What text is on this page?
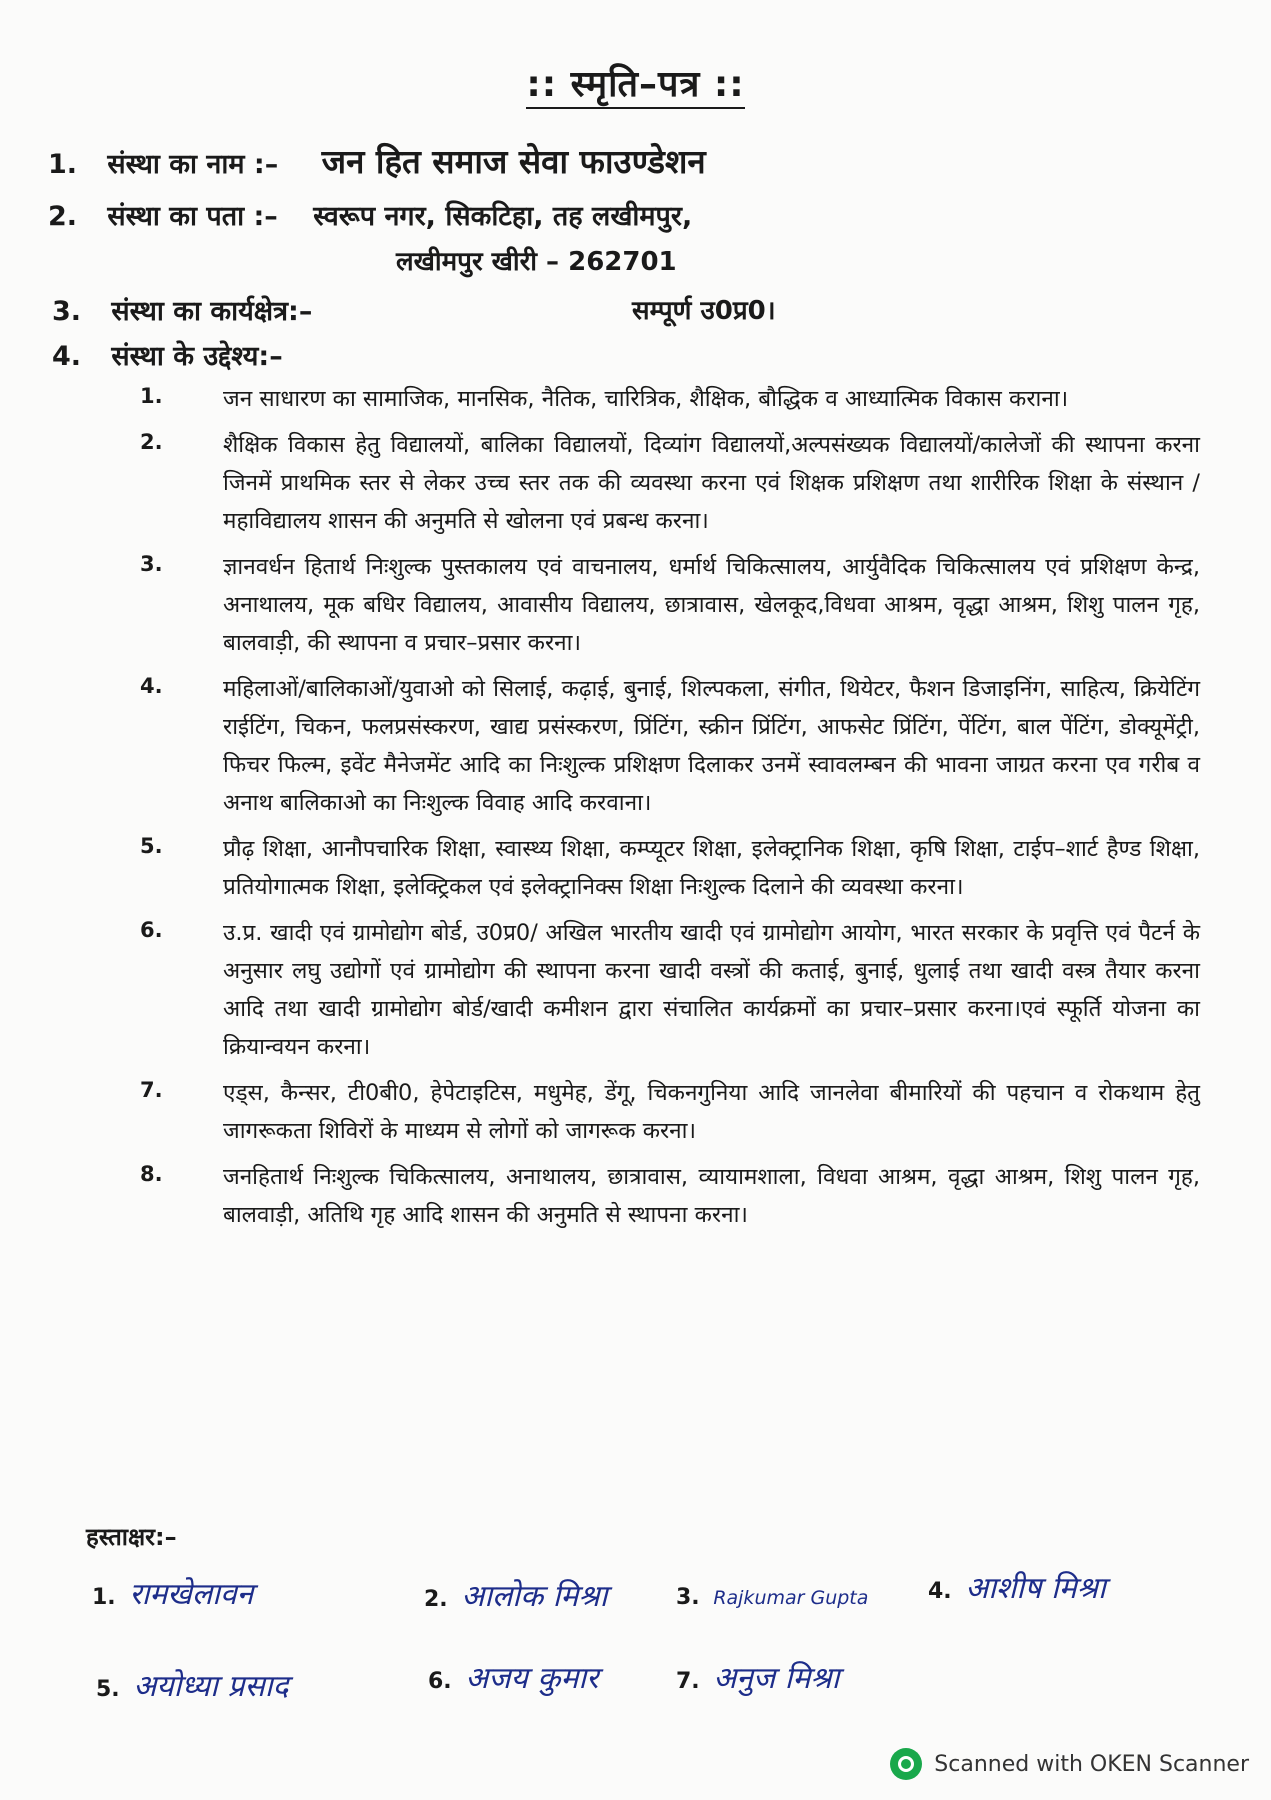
:: स्मृति–पत्र ::
1. संस्था का नाम :– जन हित समाज सेवा फाउण्डेशन
2. संस्था का पता :– स्वरूप नगर, सिकटिहा, तह लखीमपुर,
लखीमपुर खीरी – 262701
3. संस्था का कार्यक्षेत्र:–	सम्पूर्ण उ0प्र0।
4. संस्था के उद्देश्य:–
1.	जन साधारण का सामाजिक, मानसिक, नैतिक, चारित्रिक, शैक्षिक, बौद्धिक व आध्यात्मिक विकास कराना।
2.	शैक्षिक विकास हेतु विद्यालयों, बालिका विद्यालयों, दिव्यांग विद्यालयों,अल्पसंख्यक विद्यालयों/कालेजों की स्थापना करना जिनमें प्राथमिक स्तर से लेकर उच्च स्तर तक की व्यवस्था करना एवं शिक्षक प्रशिक्षण तथा शारीरिक शिक्षा के संस्थान /महाविद्यालय शासन की अनुमति से खोलना एवं प्रबन्ध करना।
3.	ज्ञानवर्धन हितार्थ निःशुल्क पुस्तकालय एवं वाचनालय, धर्मार्थ चिकित्सालय, आर्युवैदिक चिकित्सालय एवं प्रशिक्षण केन्द्र, अनाथालय, मूक बधिर विद्यालय, आवासीय विद्यालय, छात्रावास, खेलकूद,विधवा आश्रम, वृद्धा आश्रम, शिशु पालन गृह, बालवाड़ी, की स्थापना व प्रचार–प्रसार करना।
4.	महिलाओं/बालिकाओं/युवाओ को सिलाई, कढ़ाई, बुनाई, शिल्पकला, संगीत, थियेटर, फैशन डिजाइनिंग, साहित्य, क्रियेटिंग राईटिंग, चिकन, फलप्रसंस्करण, खाद्य प्रसंस्करण, प्रिंटिंग, स्क्रीन प्रिंटिंग, आफसेट प्रिंटिंग, पेंटिंग, बाल पेंटिंग, डोक्यूमेंट्री, फिचर फिल्म, इवेंट मैनेजमेंट आदि का निःशुल्क प्रशिक्षण दिलाकर उनमें स्वावलम्बन की भावना जाग्रत करना एव गरीब व अनाथ बालिकाओ का निःशुल्क विवाह आदि करवाना।
5.	प्रौढ़ शिक्षा, आनौपचारिक शिक्षा, स्वास्थ्य शिक्षा, कम्प्यूटर शिक्षा, इलेक्ट्रानिक शिक्षा, कृषि शिक्षा, टाईप–शार्ट हैण्ड शिक्षा, प्रतियोगात्मक शिक्षा, इलेक्ट्रिकल एवं इलेक्ट्रानिक्स शिक्षा निःशुल्क दिलाने की व्यवस्था करना।
6.	उ.प्र. खादी एवं ग्रामोद्योग बोर्ड, उ0प्र0/ अखिल भारतीय खादी एवं ग्रामोद्योग आयोग, भारत सरकार के प्रवृत्ति एवं पैटर्न के अनुसार लघु उद्योगों एवं ग्रामोद्योग की स्थापना करना खादी वस्त्रों की कताई, बुनाई, धुलाई तथा खादी वस्त्र तैयार करना आदि तथा खादी ग्रामोद्योग बोर्ड/खादी कमीशन द्वारा संचालित कार्यक्रमों का प्रचार–प्रसार करना।एवं स्फूर्ति योजना का क्रियान्वयन करना।
7.	एड्स, कैन्सर, टी0बी0, हेपेटाइटिस, मधुमेह, डेंगू, चिकनगुनिया आदि जानलेवा बीमारियों की पहचान व रोकथाम हेतु जागरूकता शिविरों के माध्यम से लोगों को जागरूक करना।
8.	जनहितार्थ निःशुल्क चिकित्सालय, अनाथालय, छात्रावास, व्यायामशाला, विधवा आश्रम, वृद्धा आश्रम, शिशु पालन गृह, बालवाड़ी, अतिथि गृह आदि शासन की अनुमति से स्थापना करना।
हस्ताक्षर:–
1. रामखेलावन	2. आलोक मिश्रा	3. Rajkumar Gupta	4. आशीष मिश्रा
5. अयोध्या प्रसाद	6. अजय कुमार	7. अनुज मिश्रा
Scanned with OKEN Scanner
